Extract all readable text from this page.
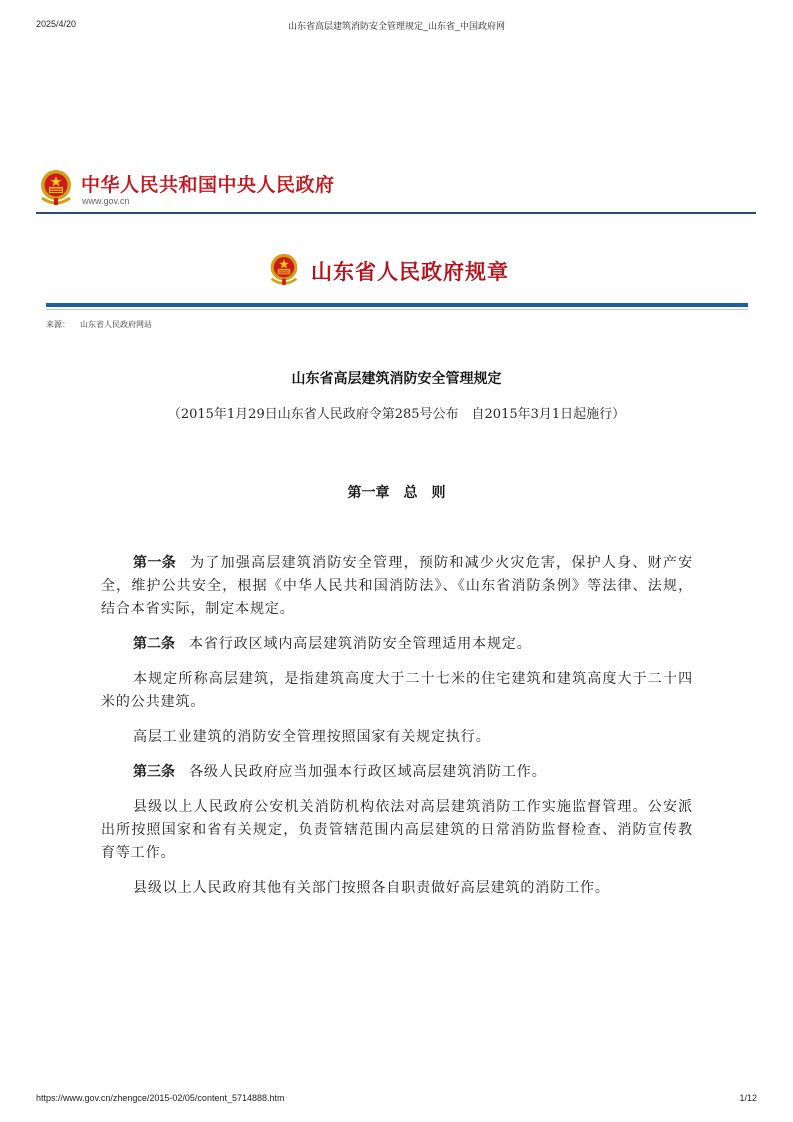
2025/4/20	山东省高层建筑消防安全管理规定_山东省_中国政府网
中华人民共和国中央人民政府
www.gov.cn
山东省人民政府规章
来源： 山东省人民政府网站
山东省高层建筑消防安全管理规定
（2015年1月29日山东省人民政府令第285号公布　自2015年3月1日起施行）
第一章　总　则

第一条 为了加强高层建筑消防安全管理，预防和减少火灾危害，保护人身、财产安全，维护公共安全，根据《中华人民共和国消防法》、《山东省消防条例》等法律、法规，结合本省实际，制定本规定。

第二条 本省行政区域内高层建筑消防安全管理适用本规定。

本规定所称高层建筑，是指建筑高度大于二十七米的住宅建筑和建筑高度大于二十四米的公共建筑。

高层工业建筑的消防安全管理按照国家有关规定执行。

第三条 各级人民政府应当加强本行政区域高层建筑消防工作。

县级以上人民政府公安机关消防机构依法对高层建筑消防工作实施监督管理。公安派出所按照国家和省有关规定，负责管辖范围内高层建筑的日常消防监督检查、消防宣传教育等工作。

县级以上人民政府其他有关部门按照各自职责做好高层建筑的消防工作。

https://www.gov.cn/zhengce/2015-02/05/content_5714888.htm	1/12
